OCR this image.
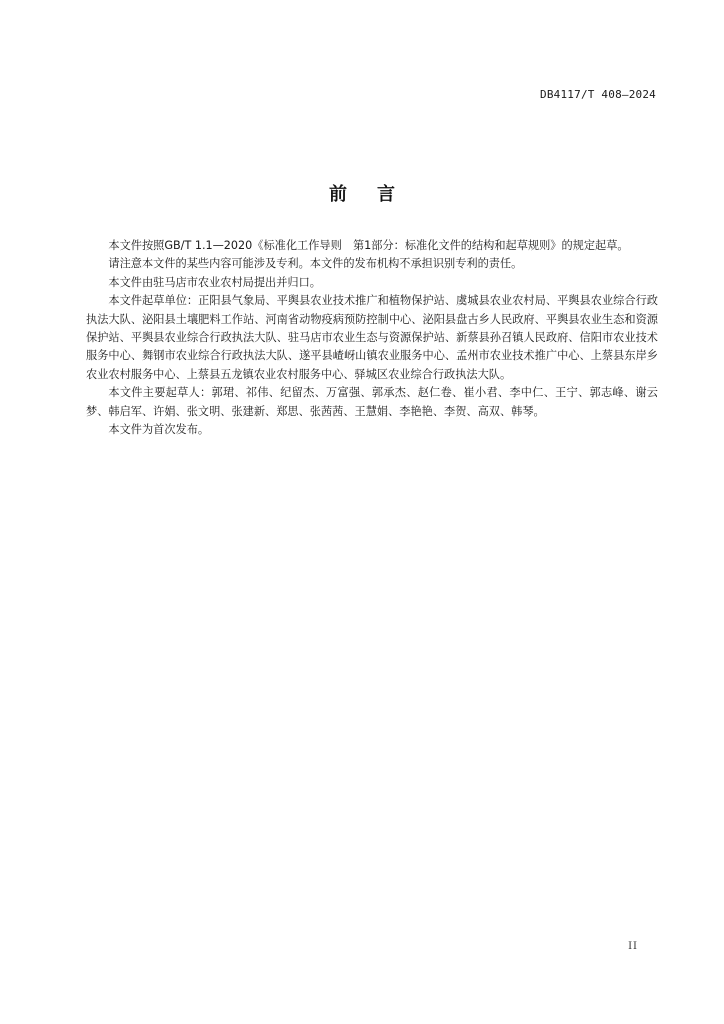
DB4117/T 408—2024
前言

本文件按照GB/T 1.1—2020《标准化工作导则　第1部分：标准化文件的结构和起草规则》的规定起草。

请注意本文件的某些内容可能涉及专利。本文件的发布机构不承担识别专利的责任。

本文件由驻马店市农业农村局提出并归口。

本文件起草单位：正阳县气象局、平舆县农业技术推广和植物保护站、虞城县农业农村局、平舆县农业综合行政执法大队、泌阳县土壤肥料工作站、河南省动物疫病预防控制中心、泌阳县盘古乡人民政府、平舆县农业生态和资源保护站、平舆县农业综合行政执法大队、驻马店市农业生态与资源保护站、新蔡县孙召镇人民政府、信阳市农业技术服务中心、舞钢市农业综合行政执法大队、遂平县嵖岈山镇农业服务中心、孟州市农业技术推广中心、上蔡县东岸乡农业农村服务中心、上蔡县五龙镇农业农村服务中心、驿城区农业综合行政执法大队。

本文件主要起草人：郭珺、祁伟、纪留杰、万富强、郭承杰、赵仁卷、崔小君、李中仁、王宁、郭志峰、谢云梦、韩启军、许娟、张文明、张建新、郑思、张茜茜、王慧娟、李艳艳、李贺、高双、韩琴。

本文件为首次发布。

II
